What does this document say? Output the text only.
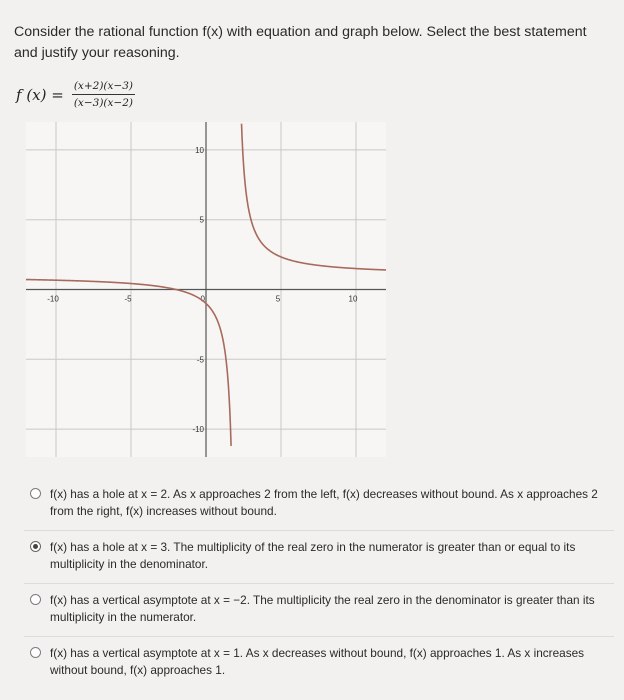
Consider the rational function f(x) with equation and graph below. Select the best statement and justify your reasoning.
f $(x) = \frac{(x+2)(x-3)}{(x-3)(x-2)}$
-10	-5	0	5	10
10
5
-5
-10
f(x) has a hole at x = 2. As x approaches 2 from the left, f(x) decreases without bound. As x approaches 2 from the right, f(x) increases without bound.
f(x) has a hole at x = 3. The multiplicity of the real zero in the numerator is greater than or equal to its multiplicity in the denominator.
f(x) has a vertical asymptote at x = −2. The multiplicity the real zero in the denominator is greater than its multiplicity in the numerator.
f(x) has a vertical asymptote at x = 1. As x decreases without bound, f(x) approaches 1. As x increases without bound, f(x) approaches 1.
